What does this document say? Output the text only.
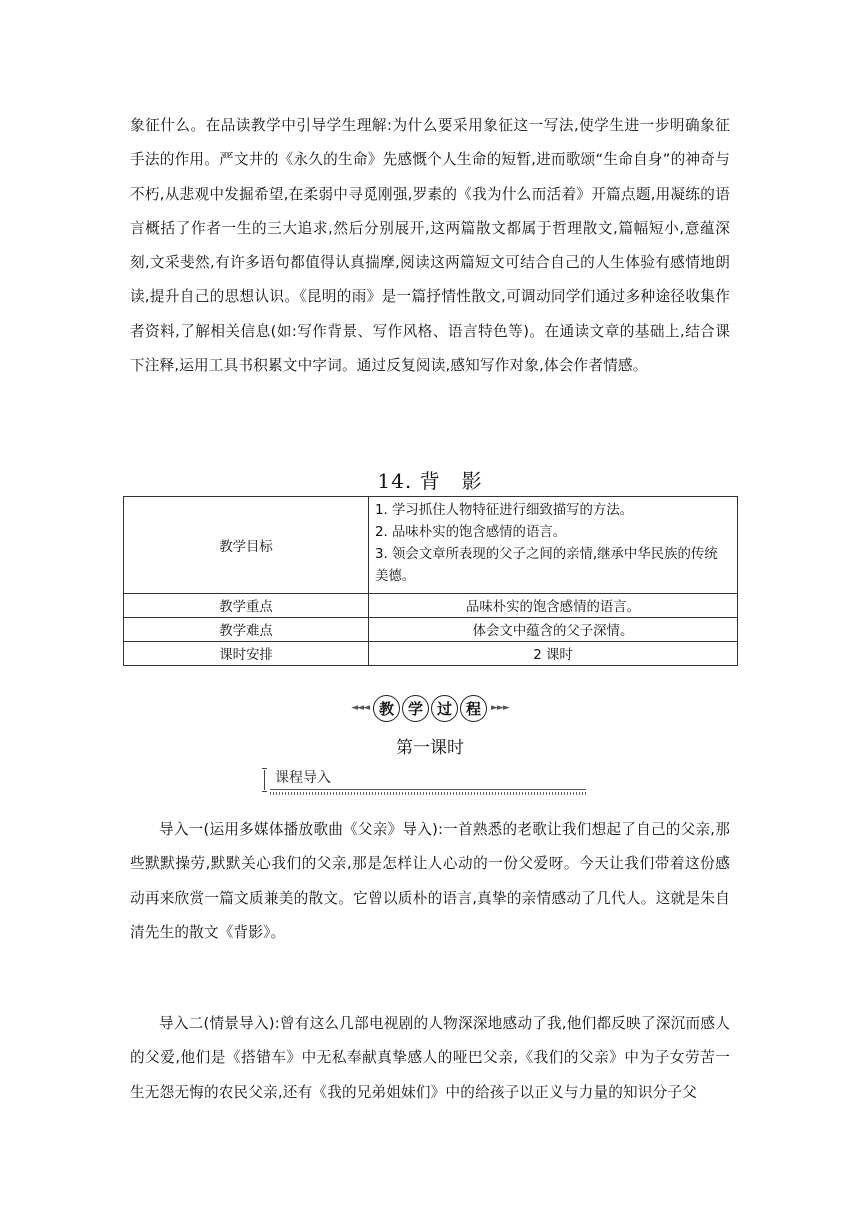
象征什么。在品读教学中引导学生理解:为什么要采用象征这一写法,使学生进一步明确象征手法的作用。严文井的《永久的生命》先感慨个人生命的短暂,进而歌颂“生命自身”的神奇与不朽,从悲观中发掘希望,在柔弱中寻觅刚强,罗素的《我为什么而活着》开篇点题,用凝练的语言概括了作者一生的三大追求,然后分别展开,这两篇散文都属于哲理散文,篇幅短小,意蕴深刻,文采斐然,有许多语句都值得认真揣摩,阅读这两篇短文可结合自己的人生体验有感情地朗读,提升自己的思想认识。《昆明的雨》是一篇抒情性散文,可调动同学们通过多种途径收集作者资料,了解相关信息(如:写作背景、写作风格、语言特色等)。在通读文章的基础上,结合课下注释,运用工具书积累文中字词。通过反复阅读,感知写作对象,体会作者情感。

14. 背　影
教学目标	1. 学习抓住人物特征进行细致描写的方法。
2. 品味朴实的饱含感情的语言。
3. 领会文章所表现的父子之间的亲情,继承中华民族的传统美德。

教学重点	品味朴实的饱含感情的语言。
教学难点	体会文中蕴含的父子深情。
课时安排	2 课时
◄◄◄ 教 学 过 程	►►►
第一课时
课程导入

导入一(运用多媒体播放歌曲《父亲》导入):一首熟悉的老歌让我们想起了自己的父亲,那些默默操劳,默默关心我们的父亲,那是怎样让人心动的一份父爱呀。今天让我们带着这份感动再来欣赏一篇文质兼美的散文。它曾以质朴的语言,真挚的亲情感动了几代人。这就是朱自清先生的散文《背影》。

导入二(情景导入):曾有这么几部电视剧的人物深深地感动了我,他们都反映了深沉而感人的父爱,他们是《搭错车》中无私奉献真挚感人的哑巴父亲,《我们的父亲》中为子女劳苦一生无怨无悔的农民父亲,还有《我的兄弟姐妹们》中的给孩子以正义与力量的知识分子父
